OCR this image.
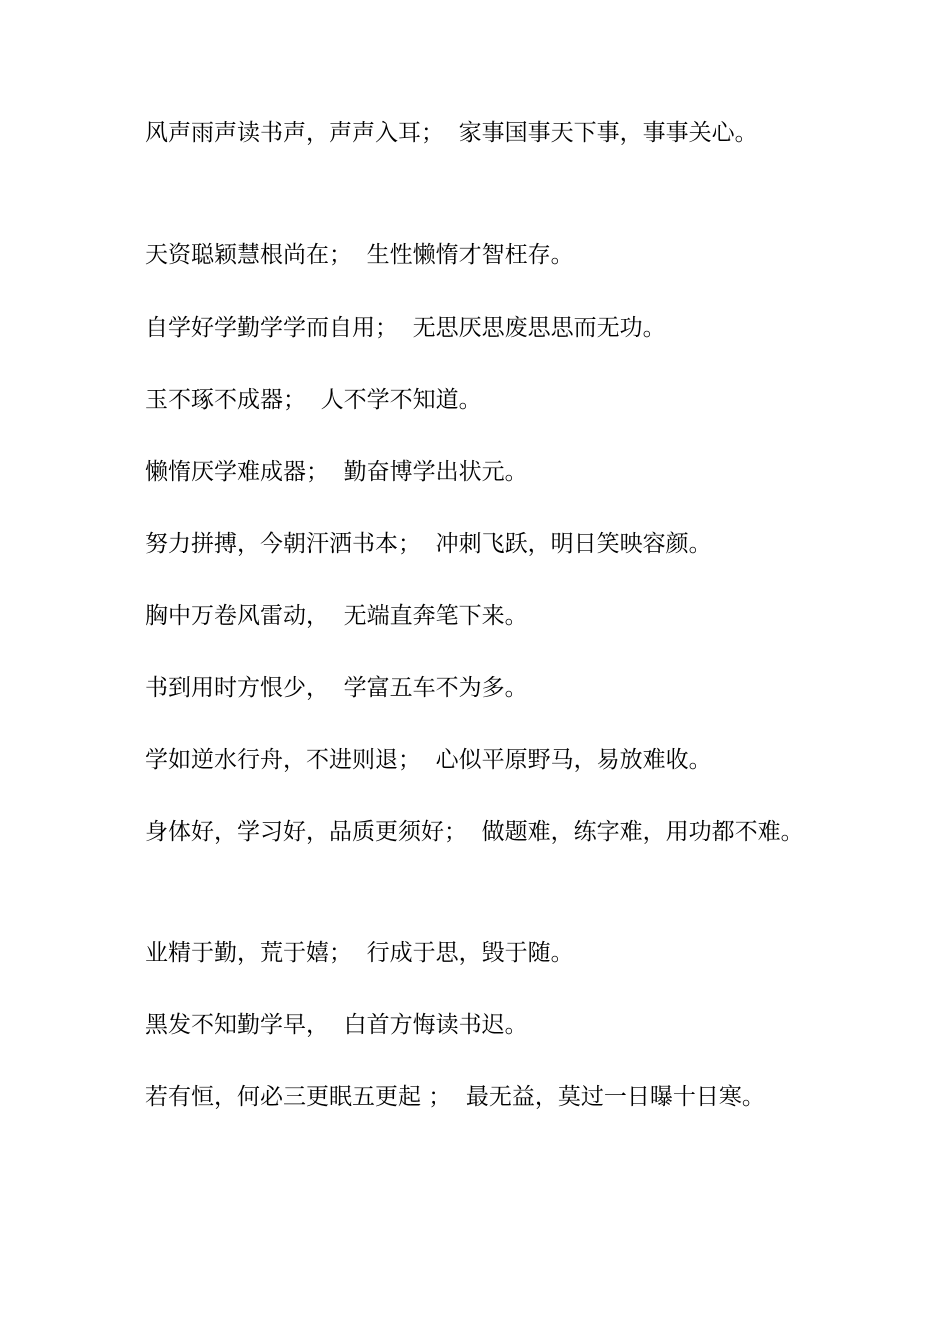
风声雨声读书声，声声入耳；  家事国事天下事，事事关心。
天资聪颖慧根尚在；  生性懒惰才智枉存。
自学好学勤学学而自用；  无思厌思废思思而无功。
玉不琢不成器；  人不学不知道。
懒惰厌学难成器；  勤奋博学出状元。
努力拼搏，今朝汗洒书本；  冲刺飞跃，明日笑映容颜。
胸中万卷风雷动，  无端直奔笔下来。
书到用时方恨少，  学富五车不为多。
学如逆水行舟，不进则退；  心似平原野马，易放难收。
身体好，学习好，品质更须好；  做题难，练字难，用功都不难。
业精于勤，荒于嬉；  行成于思，毁于随。
黑发不知勤学早，  白首方悔读书迟。
若有恒，何必三更眠五更起 ；  最无益，莫过一日曝十日寒。
